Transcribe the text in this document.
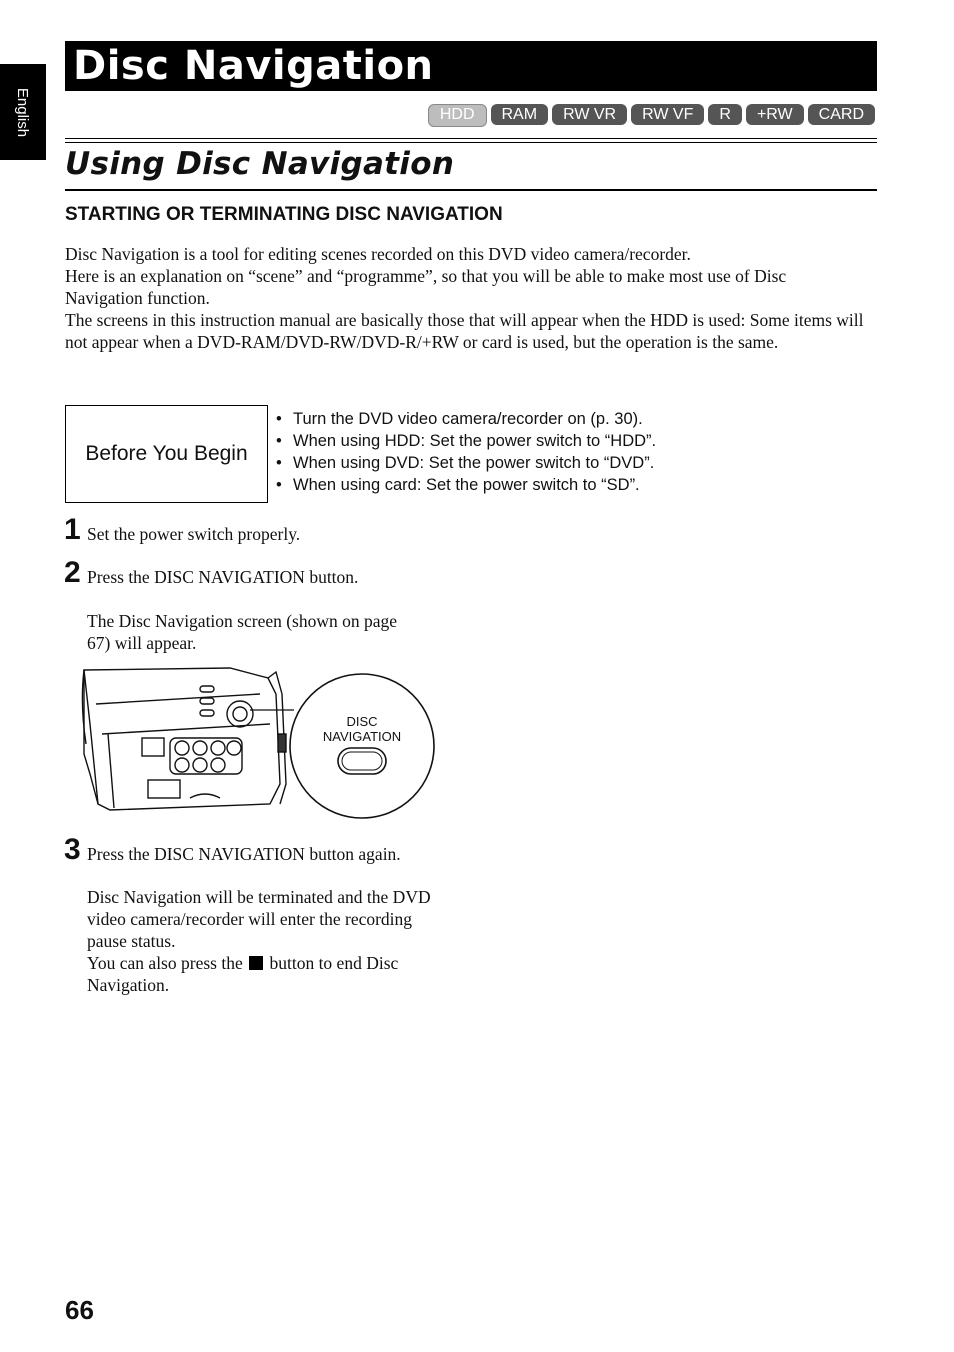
English
Disc Navigation
HDD	RAM	RW VR	RW VF	R	+RW	CARD
Using Disc Navigation
STARTING OR TERMINATING DISC NAVIGATION

Disc Navigation is a tool for editing scenes recorded on this DVD video camera/recorder.

Here is an explanation on “scene” and “programme”, so that you will be able to make most use of Disc Navigation function.

The screens in this instruction manual are basically those that will appear when the HDD is used: Some items will not appear when a DVD-RAM/DVD-RW/DVD-R/+RW or card is used, but the operation is the same.

Before You Begin
• Turn the DVD video camera/recorder on (p. 30).
• When using HDD: Set the power switch to “HDD”.
• When using DVD: Set the power switch to “DVD”.
• When using card: Set the power switch to “SD”.
1 Set the power switch properly.
2 Press the DISC NAVIGATION button.

The Disc Navigation screen (shown on page 67) will appear.

DISC
NAVIGATION
3 Press the DISC NAVIGATION button again.

Disc Navigation will be terminated and the DVD video camera/recorder will enter the recording pause status.

You can also press the button to end Disc Navigation.

66
